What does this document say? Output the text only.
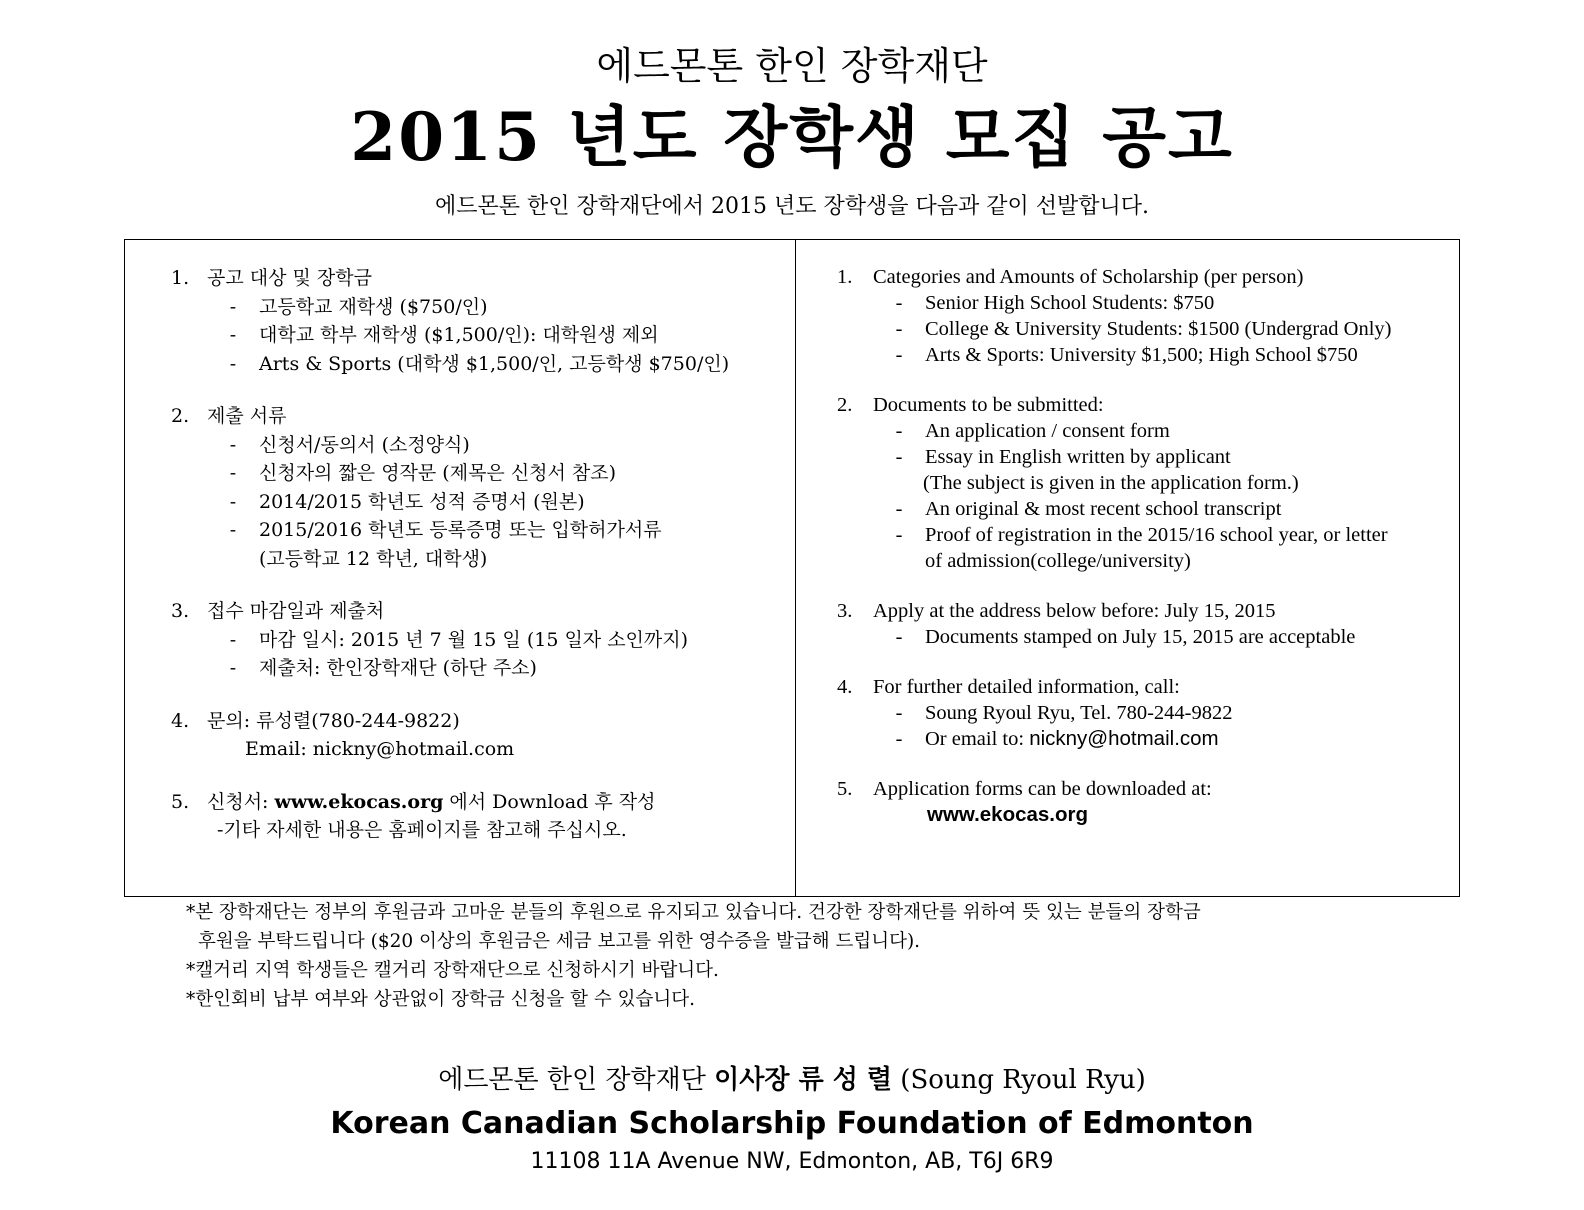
에드몬톤 한인 장학재단
2015 년도 장학생 모집 공고
에드몬톤 한인 장학재단에서 2015 년도 장학생을 다음과 같이 선발합니다.
1. 공고 대상 및 장학금
-	고등학교 재학생 ($750/인)
-	대학교 학부 재학생 ($1,500/인): 대학원생 제외
-	Arts & Sports (대학생 $1,500/인, 고등학생 $750/인)
2. 제출 서류
-	신청서/동의서 (소정양식)
-	신청자의 짧은 영작문 (제목은 신청서 참조)
-	2014/2015 학년도 성적 증명서 (원본)
-	2015/2016 학년도 등록증명 또는 입학허가서류
(고등학교 12 학년, 대학생)
3. 접수 마감일과 제출처
-	마감 일시: 2015 년 7 월 15 일 (15 일자 소인까지)
-	제출처: 한인장학재단 (하단 주소)
4. 문의: 류성렬(780-244-9822)
Email: nickny@hotmail.com
5. 신청서: www.ekocas.org 에서 Download 후 작성
-기타 자세한 내용은 홈페이지를 참고해 주십시오.
1.	Categories and Amounts of Scholarship (per person)
-	Senior High School Students: $750
-	College & University Students: $1500 (Undergrad Only)
-	Arts & Sports: University $1,500; High School $750
2.	Documents to be submitted:
-	An application / consent form
-	Essay in English written by applicant
(The subject is given in the application form.)
-	An original & most recent school transcript
-	Proof of registration in the 2015/16 school year, or letter
of admission(college/university)
3.	Apply at the address below before: July 15, 2015
-	Documents stamped on July 15, 2015 are acceptable
4.	For further detailed information, call:
-	Soung Ryoul Ryu, Tel. 780-244-9822
-	Or email to: nickny@hotmail.com
5.	Application forms can be downloaded at:
www.ekocas.org
*본 장학재단는 정부의 후원금과 고마운 분들의 후원으로 유지되고 있습니다. 건강한 장학재단를 위하여 뜻 있는 분들의 장학금
후원을 부탁드립니다 ($20 이상의 후원금은 세금 보고를 위한 영수증을 발급해 드립니다).
*캘거리 지역 학생들은 캘거리 장학재단으로 신청하시기 바랍니다.
*한인회비 납부 여부와 상관없이 장학금 신청을 할 수 있습니다.
에드몬톤 한인 장학재단 이사장 류 성 렬 (Soung Ryoul Ryu)
Korean Canadian Scholarship Foundation of Edmonton
11108 11A Avenue NW, Edmonton, AB, T6J 6R9
